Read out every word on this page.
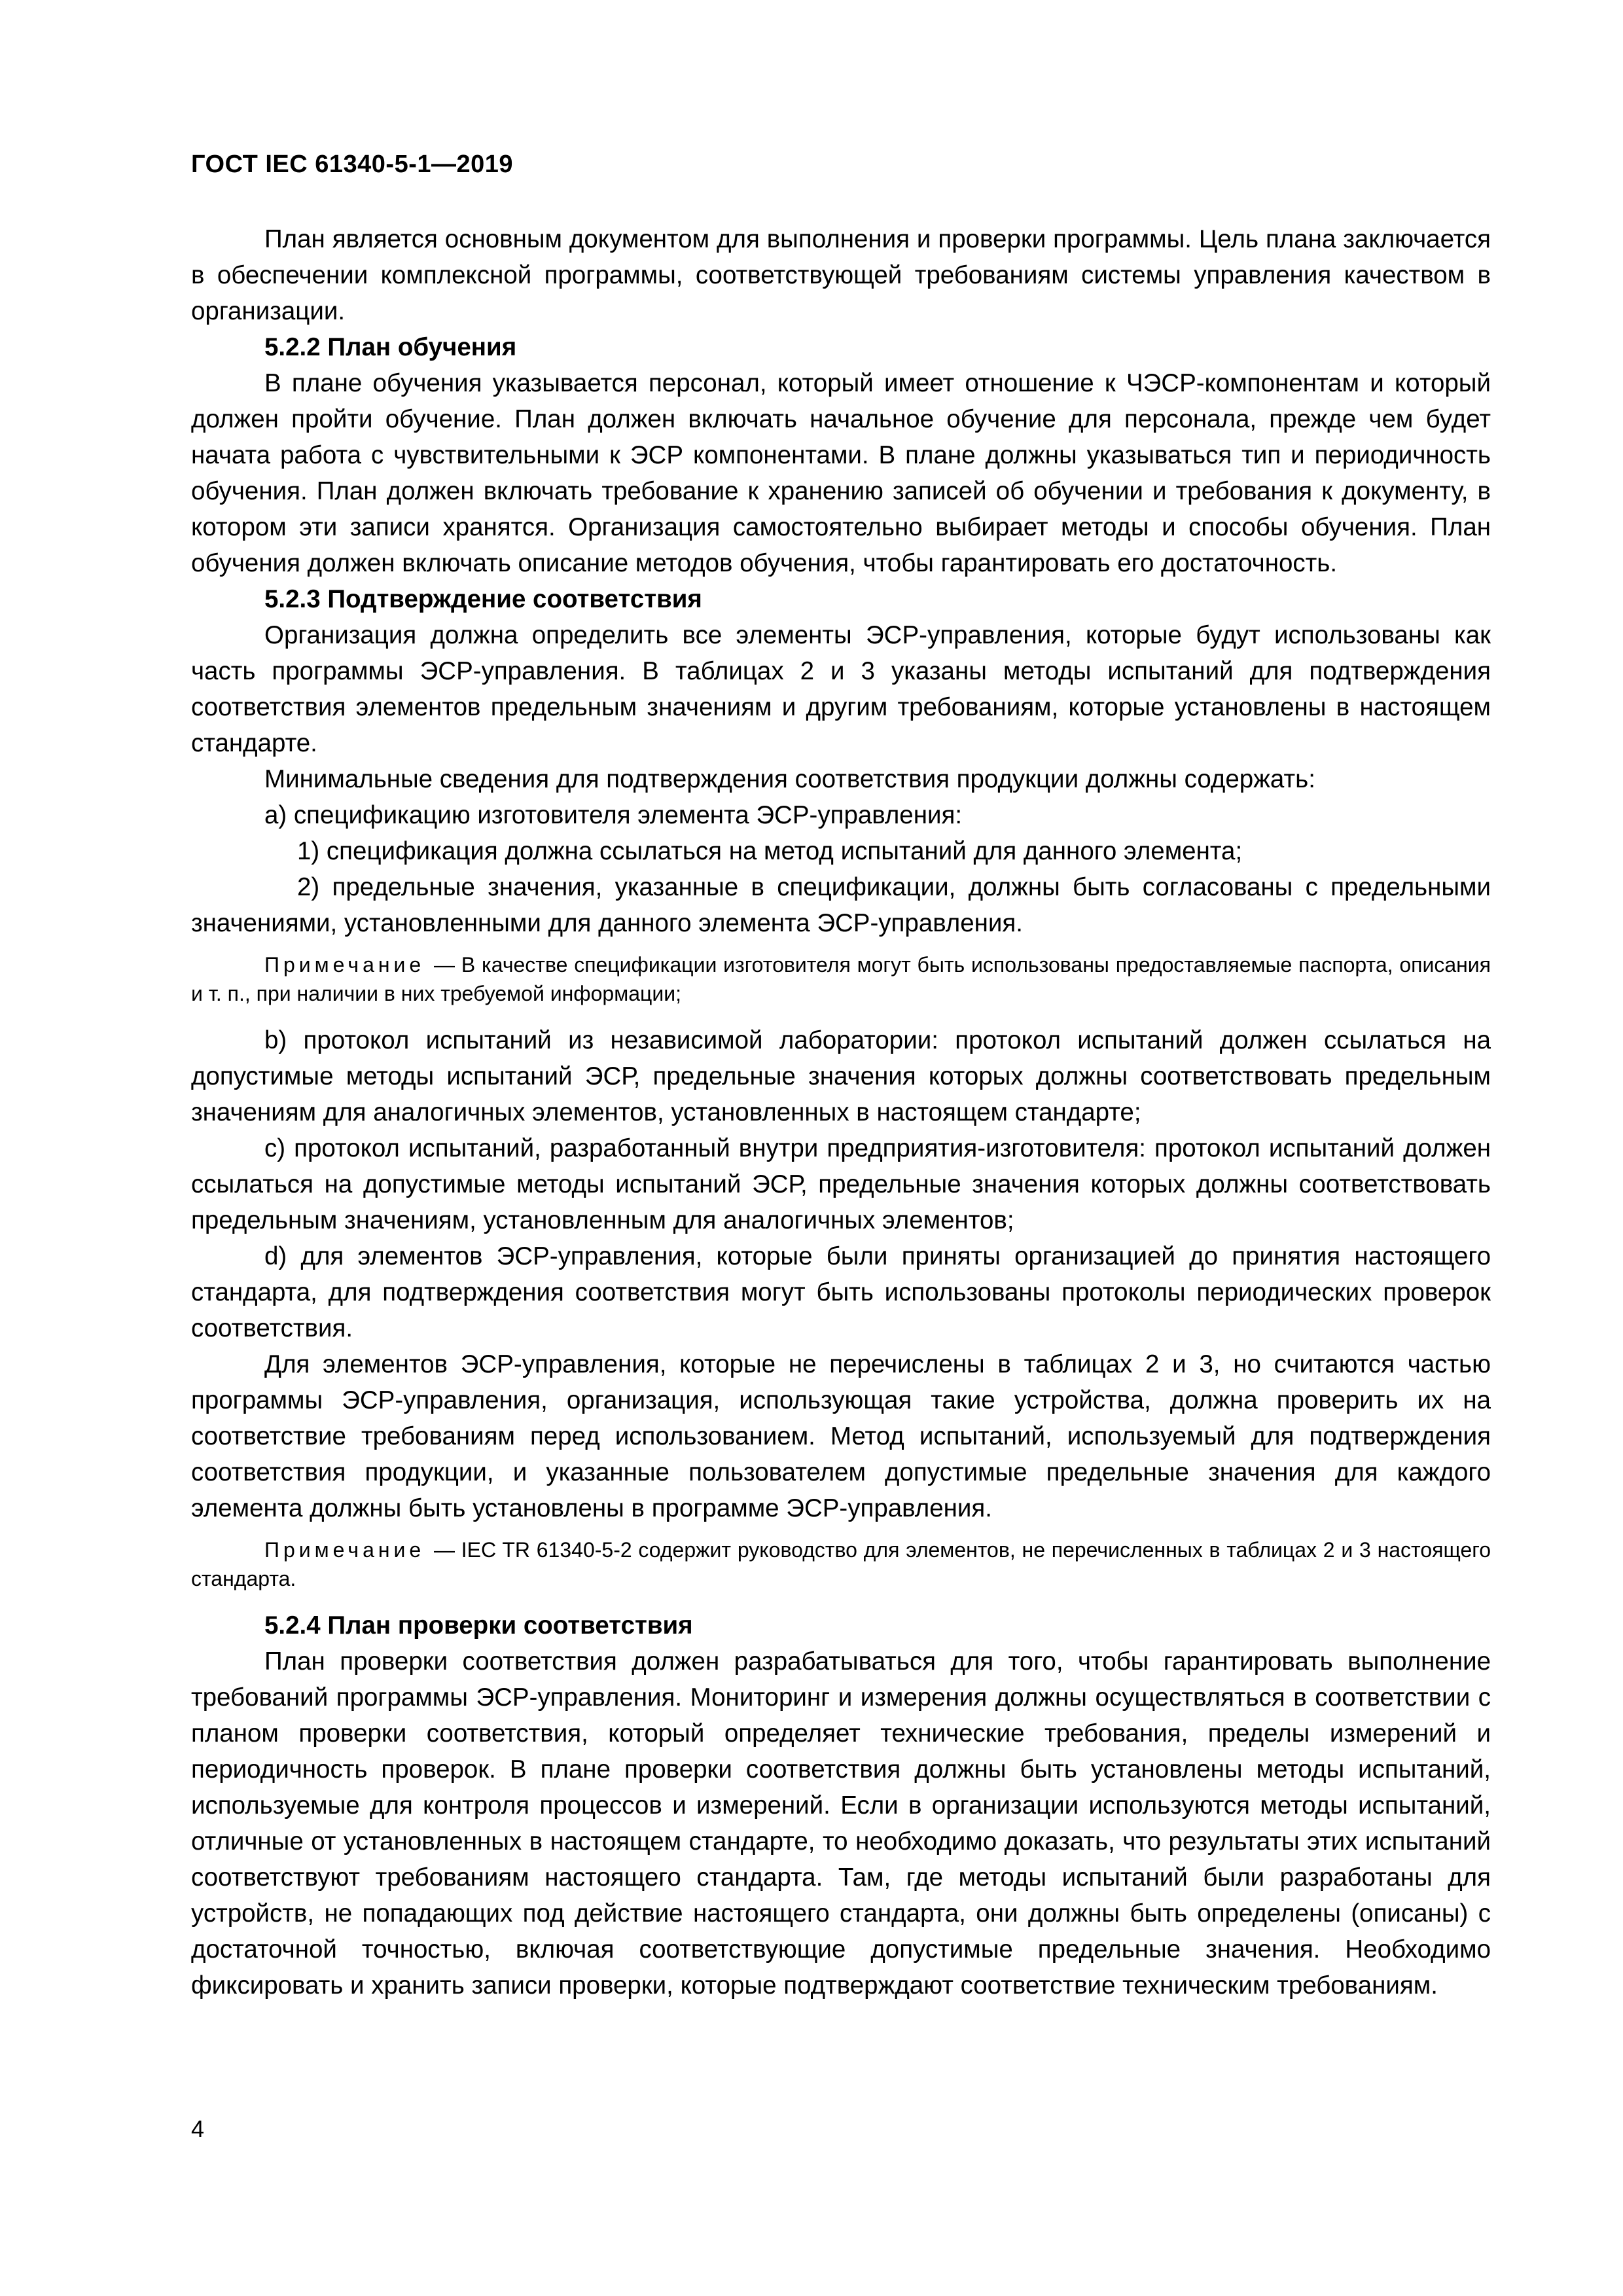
ГОСТ IEC 61340-5-1—2019

План является основным документом для выполнения и проверки программы. Цель плана заключается в обеспечении комплексной программы, соответствующей требованиям системы управления качеством в организации.

5.2.2 План обучения

В плане обучения указывается персонал, который имеет отношение к ЧЭСР-компонентам и который должен пройти обучение. План должен включать начальное обучение для персонала, прежде чем будет начата работа с чувствительными к ЭСР компонентами. В плане должны указываться тип и периодичность обучения. План должен включать требование к хранению записей об обучении и требования к документу, в котором эти записи хранятся. Организация самостоятельно выбирает методы и способы обучения. План обучения должен включать описание методов обучения, чтобы гарантировать его достаточность.

5.2.3 Подтверждение соответствия

Организация должна определить все элементы ЭСР-управления, которые будут использованы как часть программы ЭСР-управления. В таблицах 2 и 3 указаны методы испытаний для подтверждения соответствия элементов предельным значениям и другим требованиям, которые установлены в настоящем стандарте.

Минимальные сведения для подтверждения соответствия продукции должны содержать:

a) спецификацию изготовителя элемента ЭСР-управления:

1) спецификация должна ссылаться на метод испытаний для данного элемента;

2) предельные значения, указанные в спецификации, должны быть согласованы с предельными значениями, установленными для данного элемента ЭСР-управления.

Примечание — В качестве спецификации изготовителя могут быть использованы предоставляемые паспорта, описания и т. п., при наличии в них требуемой информации;

b) протокол испытаний из независимой лаборатории: протокол испытаний должен ссылаться на допустимые методы испытаний ЭСР, предельные значения которых должны соответствовать предельным значениям для аналогичных элементов, установленных в настоящем стандарте;

c) протокол испытаний, разработанный внутри предприятия-изготовителя: протокол испытаний должен ссылаться на допустимые методы испытаний ЭСР, предельные значения которых должны соответствовать предельным значениям, установленным для аналогичных элементов;

d) для элементов ЭСР-управления, которые были приняты организацией до принятия настоящего стандарта, для подтверждения соответствия могут быть использованы протоколы периодических проверок соответствия.

Для элементов ЭСР-управления, которые не перечислены в таблицах 2 и 3, но считаются частью программы ЭСР-управления, организация, использующая такие устройства, должна проверить их на соответствие требованиям перед использованием. Метод испытаний, используемый для подтверждения соответствия продукции, и указанные пользователем допустимые предельные значения для каждого элемента должны быть установлены в программе ЭСР-управления.

Примечание — IEC TR 61340-5-2 содержит руководство для элементов, не перечисленных в таблицах 2 и 3 настоящего стандарта.

5.2.4 План проверки соответствия

План проверки соответствия должен разрабатываться для того, чтобы гарантировать выполнение требований программы ЭСР-управления. Мониторинг и измерения должны осуществляться в соответствии с планом проверки соответствия, который определяет технические требования, пределы измерений и периодичность проверок. В плане проверки соответствия должны быть установлены методы испытаний, используемые для контроля процессов и измерений. Если в организации используются методы испытаний, отличные от установленных в настоящем стандарте, то необходимо доказать, что результаты этих испытаний соответствуют требованиям настоящего стандарта. Там, где методы испытаний были разработаны для устройств, не попадающих под действие настоящего стандарта, они должны быть определены (описаны) с достаточной точностью, включая соответствующие допустимые предельные значения. Необходимо фиксировать и хранить записи проверки, которые подтверждают соответствие техническим требованиям.

4
